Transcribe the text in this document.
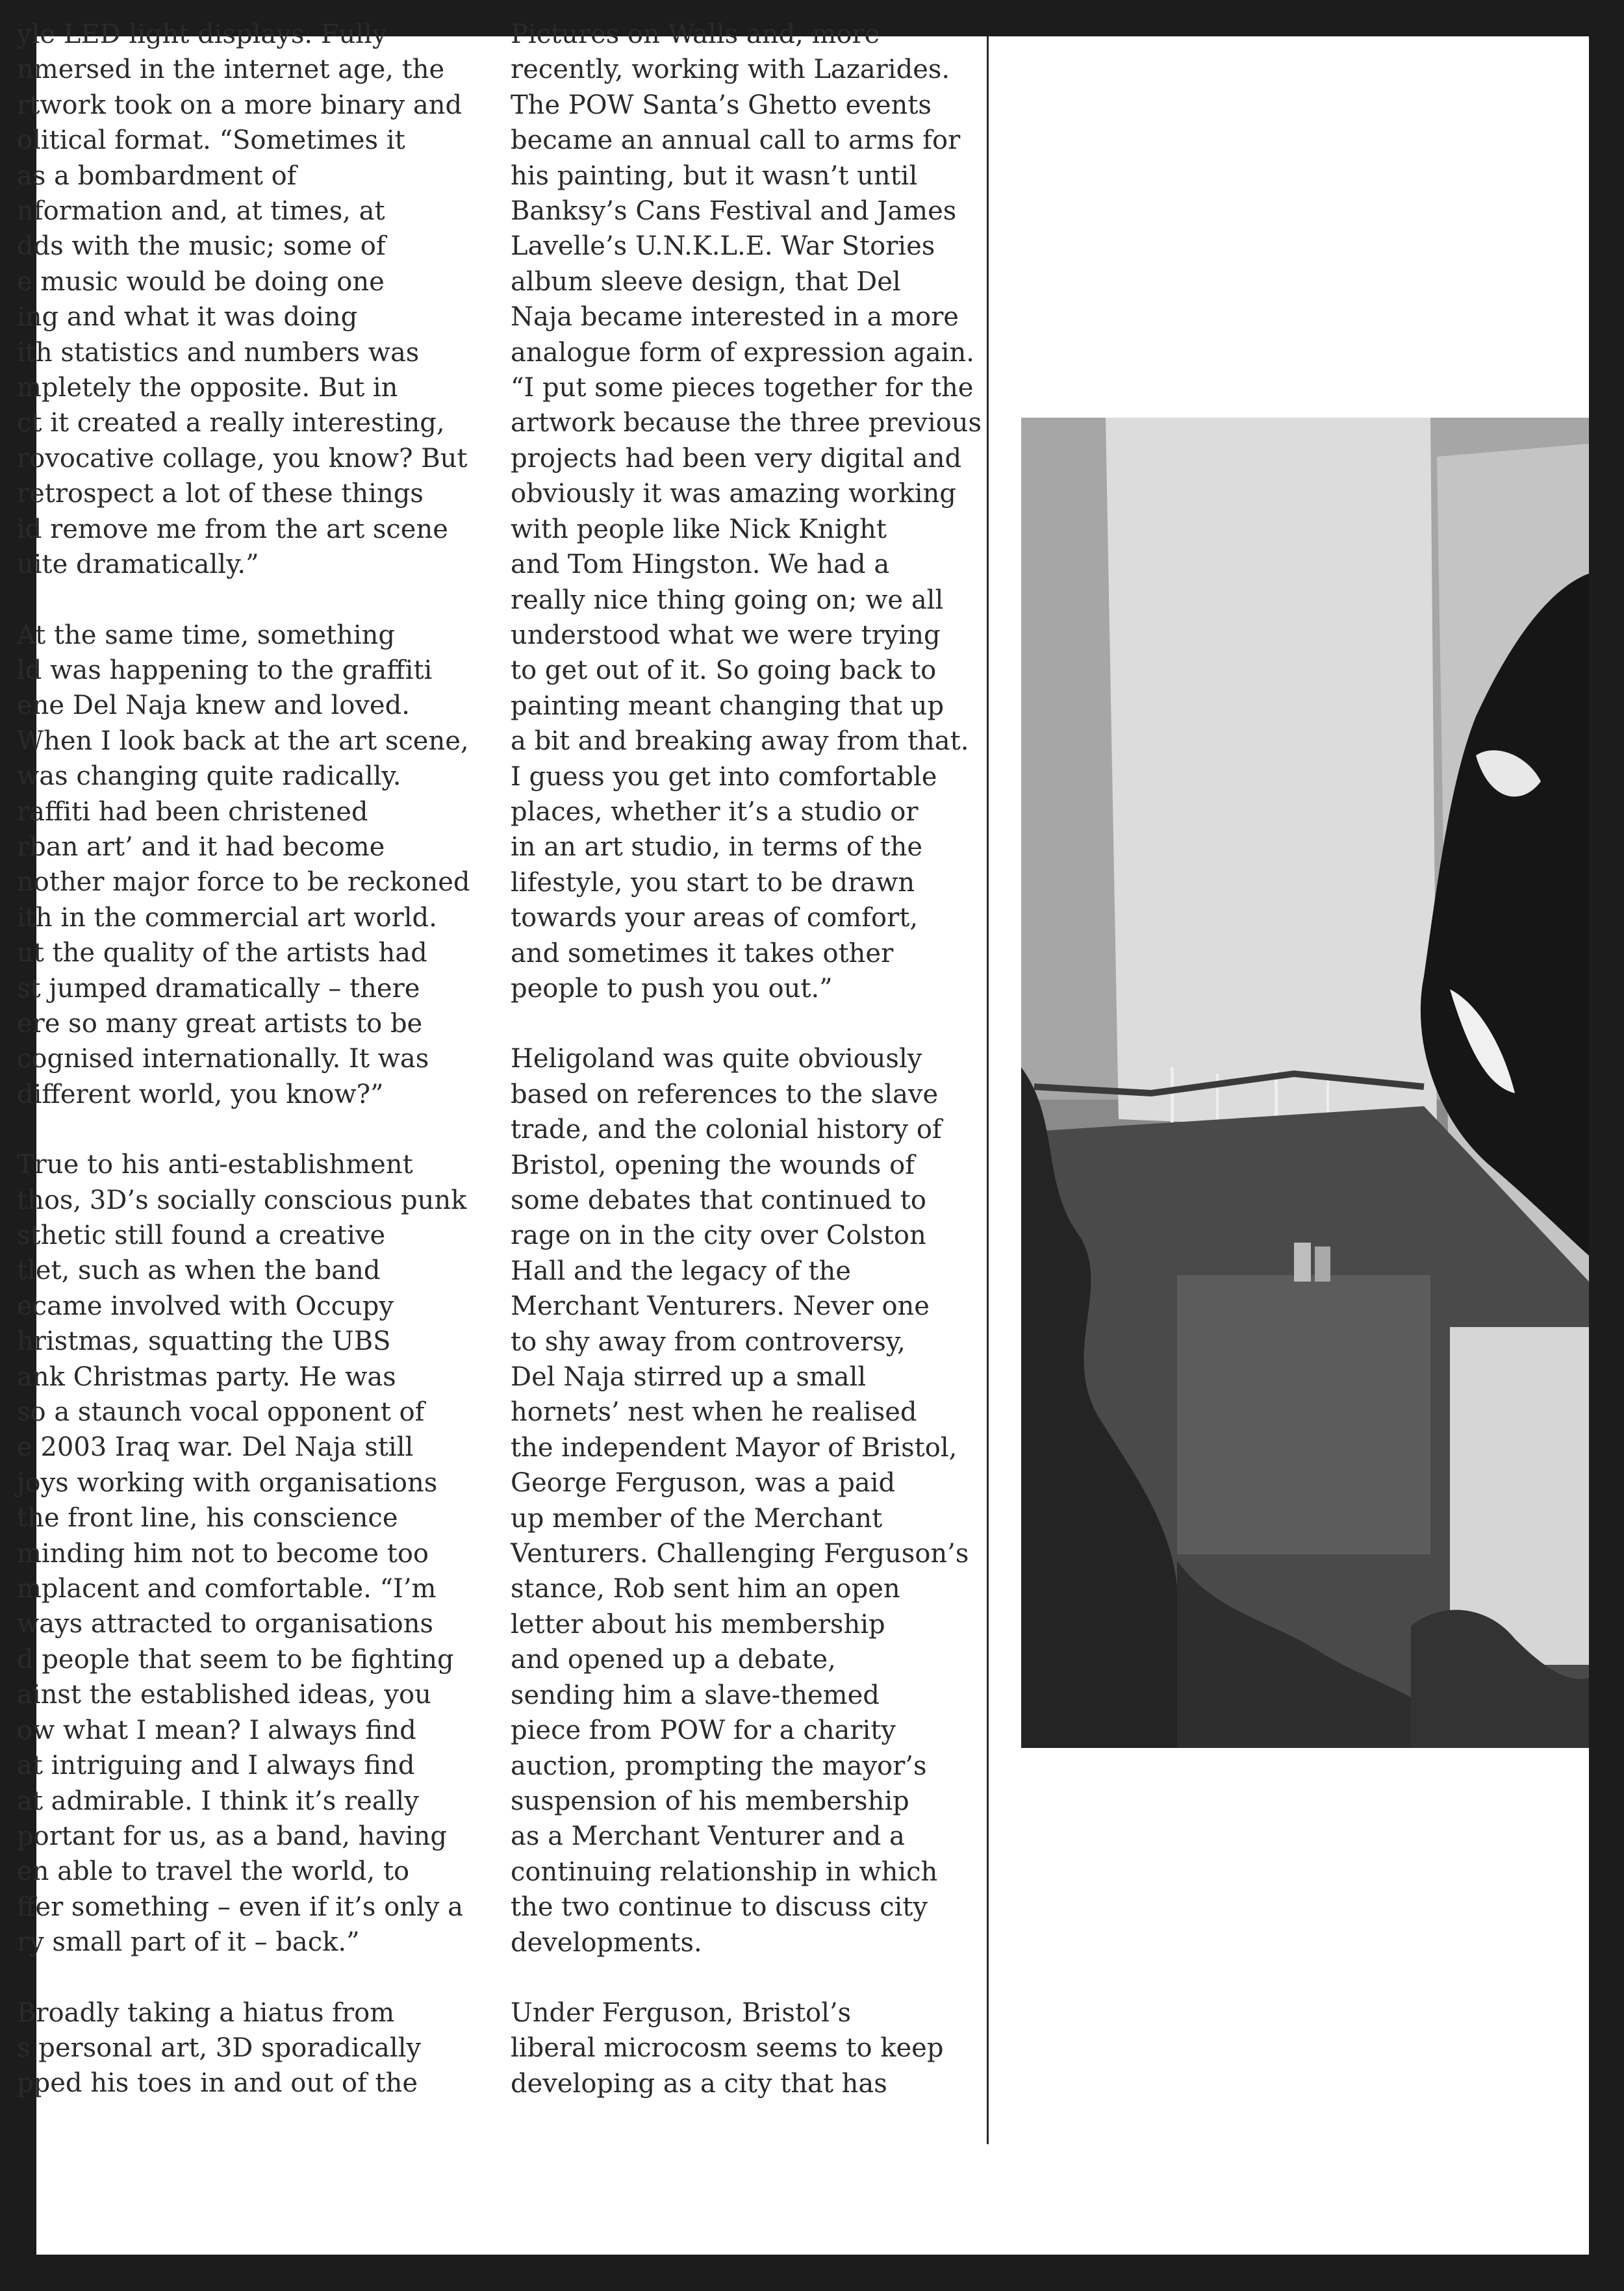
yle LED light displays. Fully

nmersed in the internet age, the

rtwork took on a more binary and

olitical format. “Sometimes it

as a bombardment of

nformation and, at times, at

dds with the music; some of

e music would be doing one

ing and what it was doing

ith statistics and numbers was

mpletely the opposite. But in

ct it created a really interesting,

rovocative collage, you know? But

retrospect a lot of these things

id remove me from the art scene

uite dramatically.”

At the same time, something

ld was happening to the graffiti

ene Del Naja knew and loved.

When I look back at the art scene,

was changing quite radically.

raffiti had been christened

rban art’ and it had become

nother major force to be reckoned

ith in the commercial art world.

ut the quality of the artists had

st jumped dramatically – there

ere so many great artists to be

cognised internationally. It was

different world, you know?”

True to his anti-establishment

thos, 3D’s socially conscious punk

sthetic still found a creative

tlet, such as when the band

ecame involved with Occupy

hristmas, squatting the UBS

ank Christmas party. He was

so a staunch vocal opponent of

e 2003 Iraq war. Del Naja still

joys working with organisations

the front line, his conscience

minding him not to become too

mplacent and comfortable. “I’m

ways attracted to organisations

d people that seem to be fighting

ainst the established ideas, you

ow what I mean? I always find

at intriguing and I always find

at admirable. I think it’s really

portant for us, as a band, having

en able to travel the world, to

ffer something – even if it’s only a

ry small part of it – back.”

Broadly taking a hiatus from

s personal art, 3D sporadically

pped his toes in and out of the

Pictures on Walls and, more

recently, working with Lazarides.

The POW Santa’s Ghetto events

became an annual call to arms for

his painting, but it wasn’t until

Banksy’s Cans Festival and James

Lavelle’s U.N.K.L.E. War Stories

album sleeve design, that Del

Naja became interested in a more

analogue form of expression again.

“I put some pieces together for the

artwork because the three previous

projects had been very digital and

obviously it was amazing working

with people like Nick Knight

and Tom Hingston. We had a

really nice thing going on; we all

understood what we were trying

to get out of it. So going back to

painting meant changing that up

a bit and breaking away from that.

I guess you get into comfortable

places, whether it’s a studio or

in an art studio, in terms of the

lifestyle, you start to be drawn

towards your areas of comfort,

and sometimes it takes other

people to push you out.”

Heligoland was quite obviously

based on references to the slave

trade, and the colonial history of

Bristol, opening the wounds of

some debates that continued to

rage on in the city over Colston

Hall and the legacy of the

Merchant Venturers. Never one

to shy away from controversy,

Del Naja stirred up a small

hornets’ nest when he realised

the independent Mayor of Bristol,

George Ferguson, was a paid

up member of the Merchant

Venturers. Challenging Ferguson’s

stance, Rob sent him an open

letter about his membership

and opened up a debate,

sending him a slave-themed

piece from POW for a charity

auction, prompting the mayor’s

suspension of his membership

as a Merchant Venturer and a

continuing relationship in which

the two continue to discuss city

developments.

Under Ferguson, Bristol’s

liberal microcosm seems to keep

developing as a city that has
